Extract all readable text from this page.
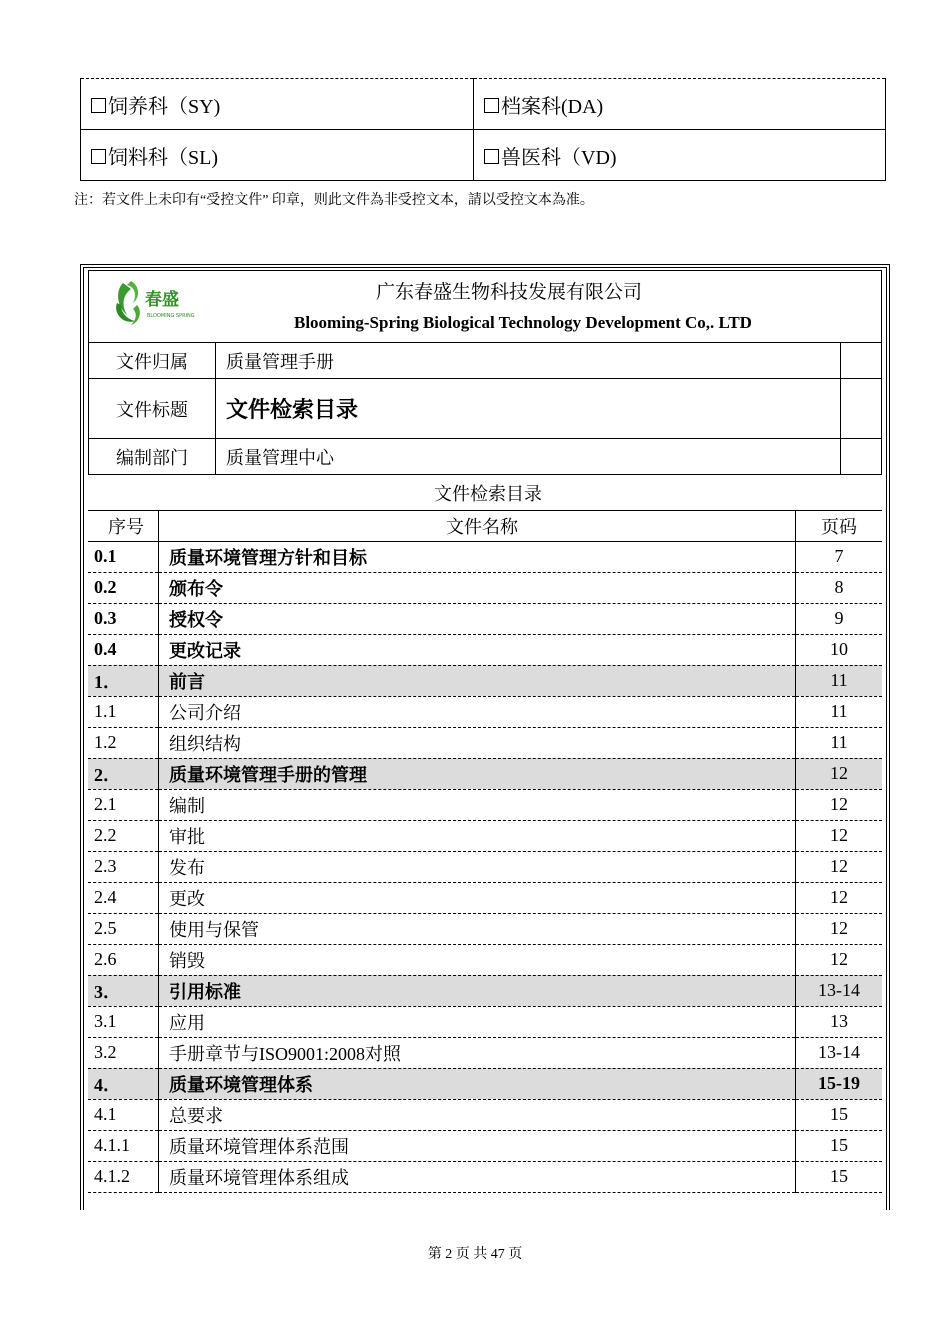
饲养科（SY)	档案科(DA)
饲料科（SL)	兽医科（VD)
注：若文件上未印有“受控文件” 印章，则此文件為非受控文本，請以受控文本為准。
春盛
BLOOMING SPRING
广东春盛生物科技发展有限公司
Blooming-Spring Biological Technology Development Co,. LTD		

文件归属	质量管理手册	
文件标题	文件检索目录	
编制部门	质量管理中心	
文件检索目录		
序号	文件名称	页码
0.1	质量环境管理方针和目标	7
0.2	颁布令	8
0.3	授权令	9
0.4	更改记录	10
1．	前言	11
1.1	公司介绍	11
1.2	组织结构	11
2．	质量环境管理手册的管理	12
2.1	编制	12
2.2	审批	12
2.3	发布	12
2.4	更改	12
2.5	使用与保管	12
2.6	销毁	12
3．	引用标准	13-14
3.1	应用	13
3.2	手册章节与ISO9001:2008对照	13-14
4．	质量环境管理体系	15-19
4.1	总要求	15
4.1.1	质量环境管理体系范围	15
4.1.2	质量环境管理体系组成	15
第 2 页 共 47 页
